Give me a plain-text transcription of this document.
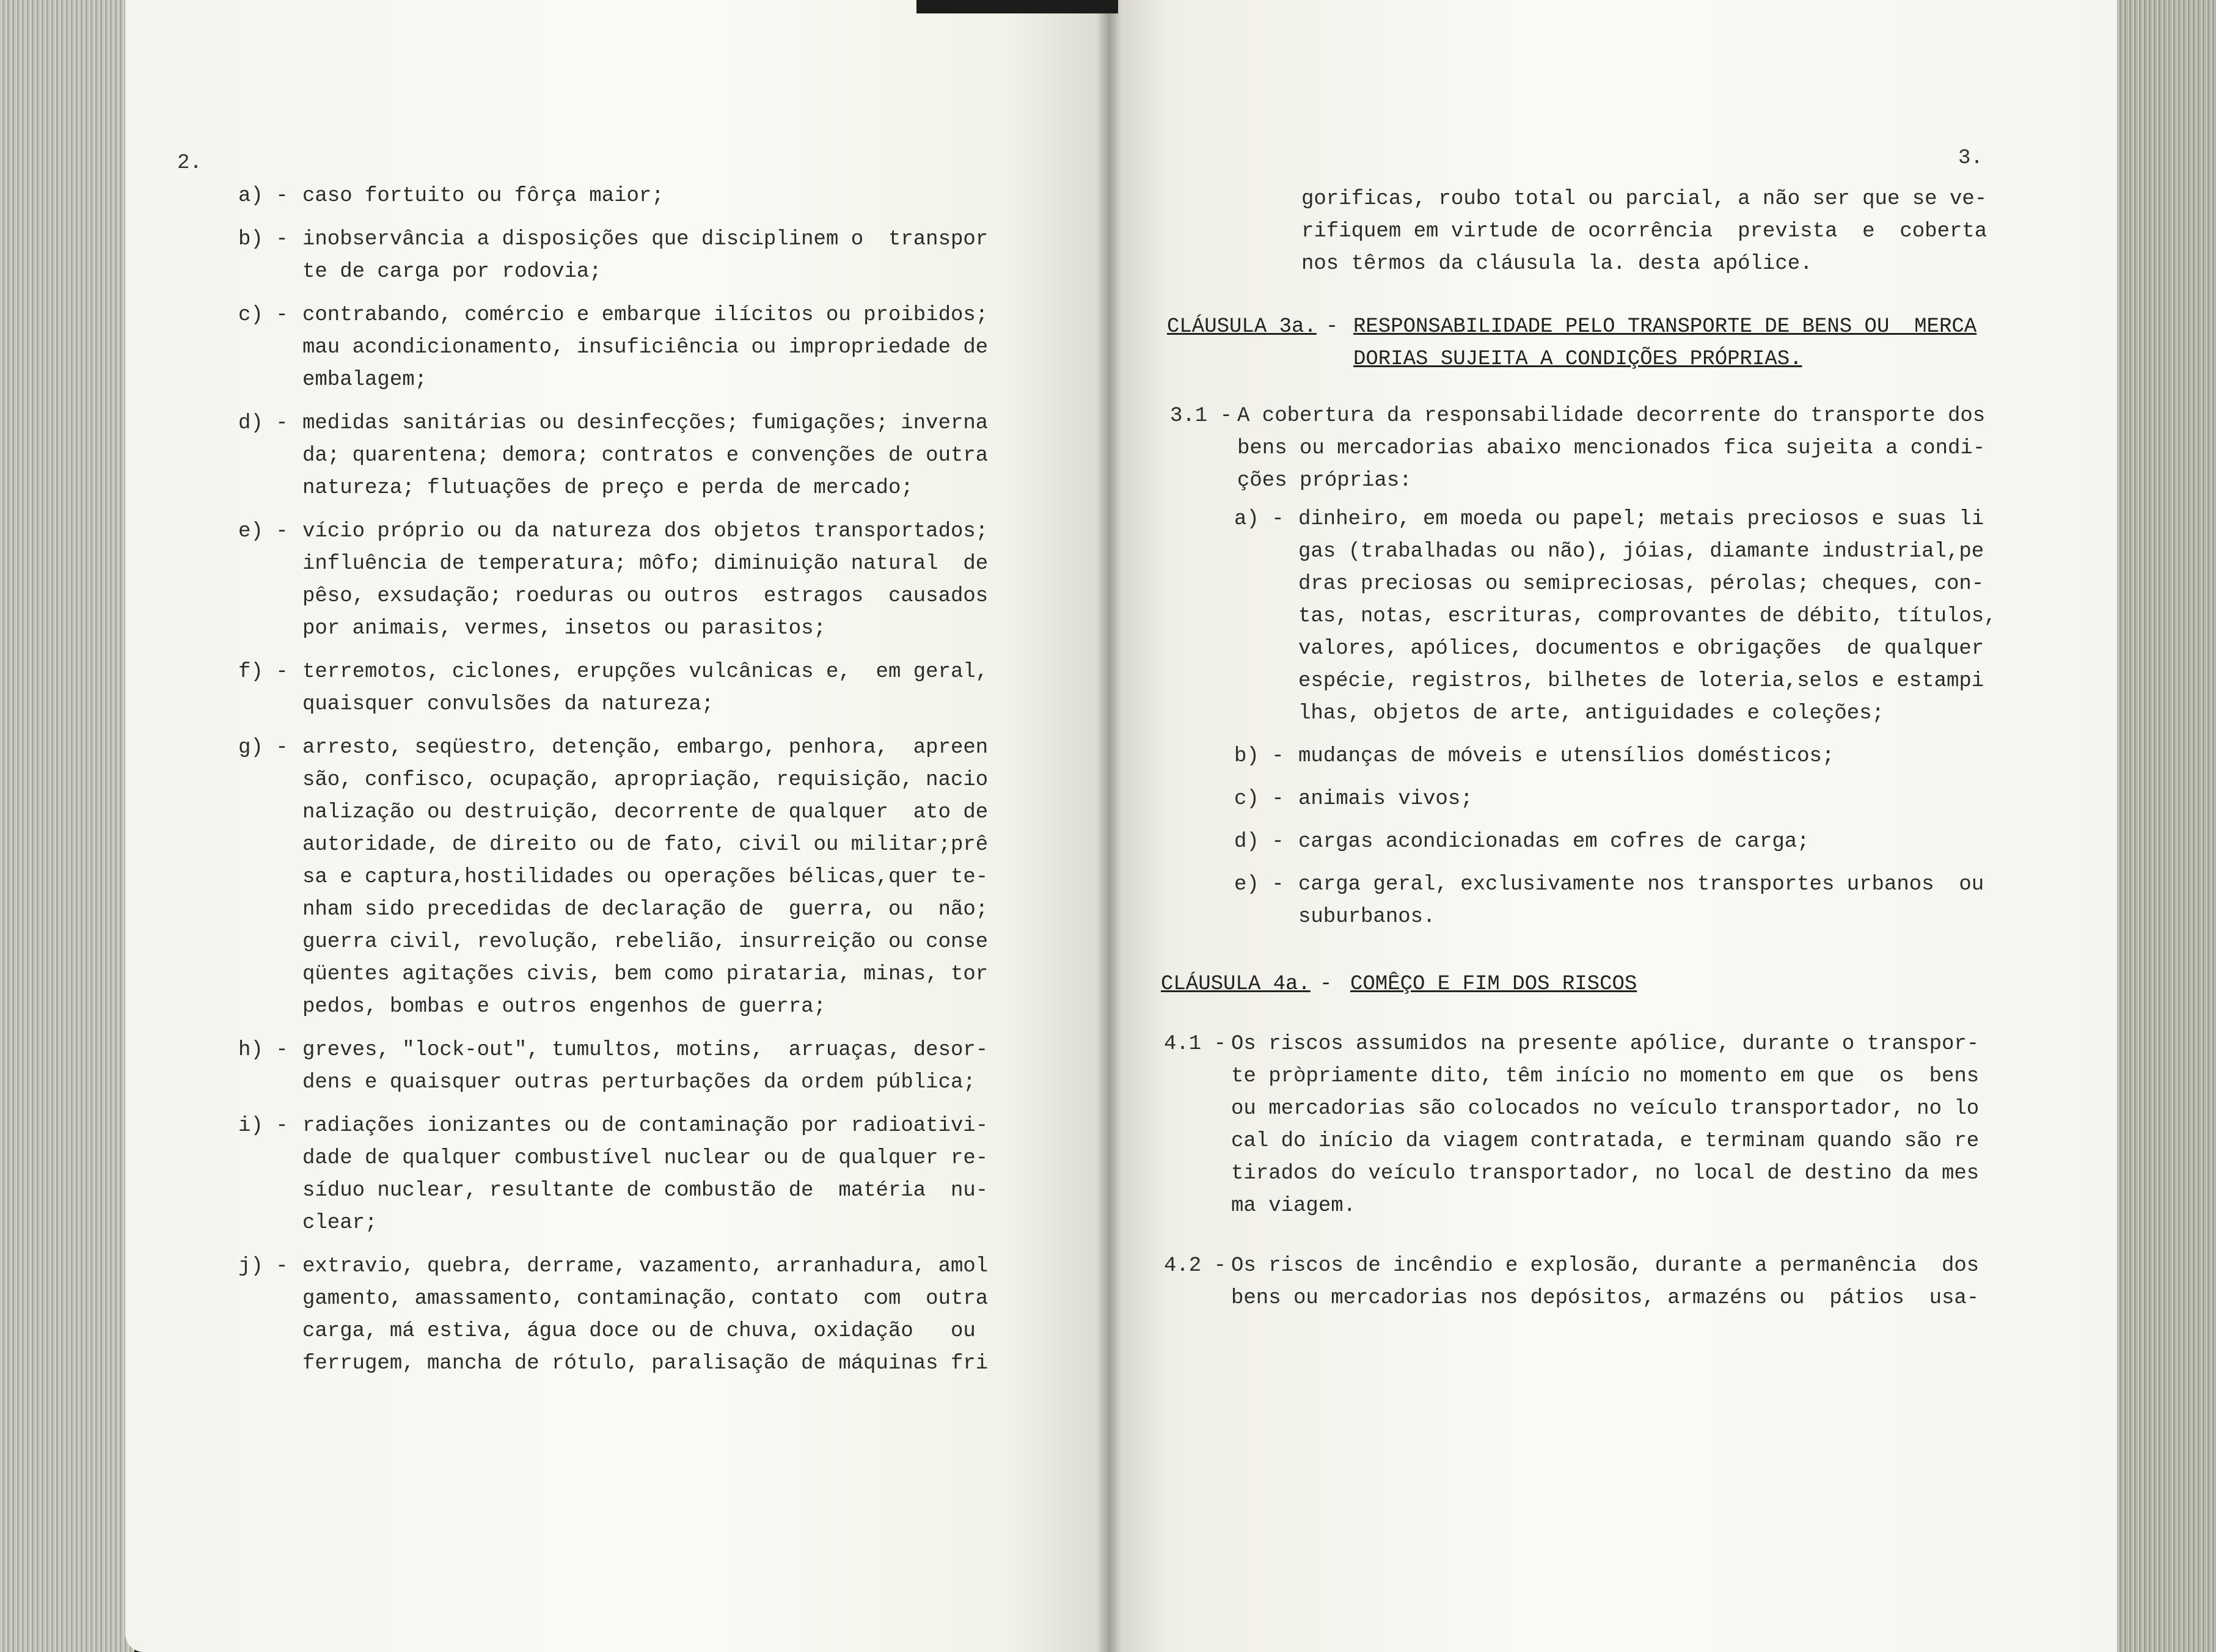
2.
a) - caso fortuito ou fôrça maior;
b) - inobservância a disposições que disciplinem o  transpor
te de carga por rodovia;
c) - contrabando, comércio e embarque ilícitos ou proibidos;
mau acondicionamento, insuficiência ou impropriedade de
embalagem;
d) - medidas sanitárias ou desinfecções; fumigações; inverna
da; quarentena; demora; contratos e convenções de outra
natureza; flutuações de preço e perda de mercado;
e) - vício próprio ou da natureza dos objetos transportados;
influência de temperatura; môfo; diminuição natural  de
pêso, exsudação; roeduras ou outros  estragos  causados
por animais, vermes, insetos ou parasitos;
f) - terremotos, ciclones, erupções vulcânicas e,  em geral,
quaisquer convulsões da natureza;
g) - arresto, seqüestro, detenção, embargo, penhora,  apreen
são, confisco, ocupação, apropriação, requisição, nacio
nalização ou destruição, decorrente de qualquer  ato de
autoridade, de direito ou de fato, civil ou militar;prê
sa e captura,hostilidades ou operações bélicas,quer te-
nham sido precedidas de declaração de  guerra, ou  não;
guerra civil, revolução, rebelião, insurreição ou conse
qüentes agitações civis, bem como pirataria, minas, tor
pedos, bombas e outros engenhos de guerra;
h) - greves, "lock-out", tumultos, motins,  arruaças, desor-
dens e quaisquer outras perturbações da ordem pública;
i) - radiações ionizantes ou de contaminação por radioativi-
dade de qualquer combustível nuclear ou de qualquer re-
síduo nuclear, resultante de combustão de  matéria  nu-
clear;
j) - extravio, quebra, derrame, vazamento, arranhadura, amol
gamento, amassamento, contaminação, contato  com  outra
carga, má estiva, água doce ou de chuva, oxidação   ou
ferrugem, mancha de rótulo, paralisação de máquinas fri
3.
gorificas, roubo total ou parcial, a não ser que se ve-
rifiquem em virtude de ocorrência  prevista  e  coberta
nos têrmos da cláusula la. desta apólice.
CLÁUSULA 3a. - RESPONSABILIDADE PELO TRANSPORTE DE BENS OU  MERCA
DORIAS SUJEITA A CONDIÇÕES PRÓPRIAS.
3.1 - A cobertura da responsabilidade decorrente do transporte dos
bens ou mercadorias abaixo mencionados fica sujeita a condi-
ções próprias:
a) - dinheiro, em moeda ou papel; metais preciosos e suas li
gas (trabalhadas ou não), jóias, diamante industrial,pe
dras preciosas ou semipreciosas, pérolas; cheques, con-
tas, notas, escrituras, comprovantes de débito, títulos,
valores, apólices, documentos e obrigações  de qualquer
espécie, registros, bilhetes de loteria,selos e estampi
lhas, objetos de arte, antiguidades e coleções;
b) - mudanças de móveis e utensílios domésticos;
c) - animais vivos;
d) - cargas acondicionadas em cofres de carga;
e) - carga geral, exclusivamente nos transportes urbanos  ou
suburbanos.
CLÁUSULA 4a. - COMÊÇO E FIM DOS RISCOS
4.1 - Os riscos assumidos na presente apólice, durante o transpor-
te pròpriamente dito, têm início no momento em que  os  bens
ou mercadorias são colocados no veículo transportador, no lo
cal do início da viagem contratada, e terminam quando são re
tirados do veículo transportador, no local de destino da mes
ma viagem.
4.2 - Os riscos de incêndio e explosão, durante a permanência  dos
bens ou mercadorias nos depósitos, armazéns ou  pátios  usa-
